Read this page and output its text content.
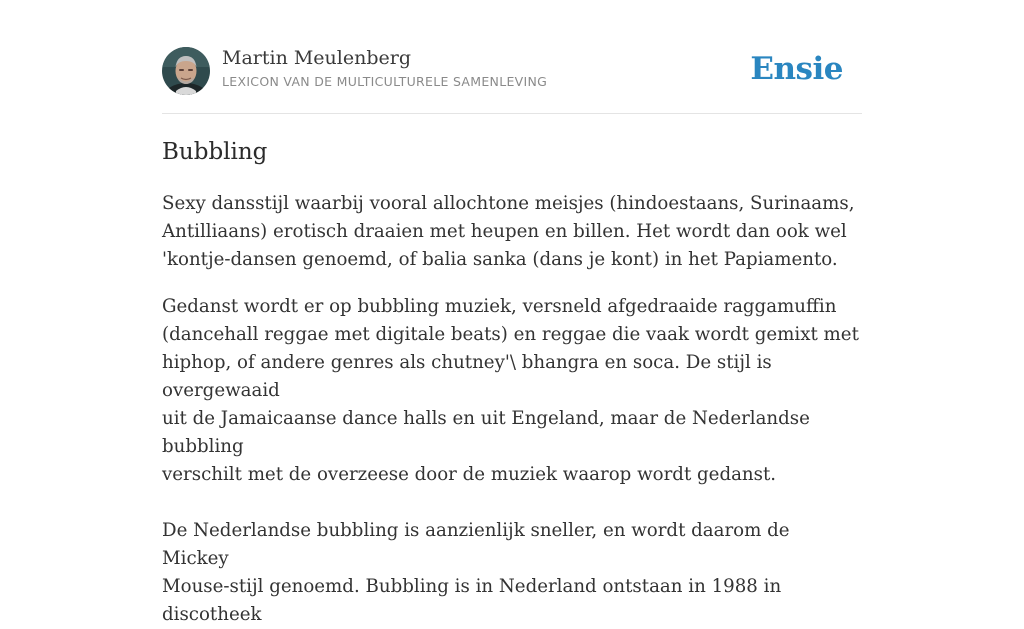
Martin Meulenberg
LEXICON VAN DE MULTICULTURELE SAMENLEVING	Ensie
Bubbling

Sexy dansstijl waarbij vooral allochtone meisjes (hindoestaans, Surinaams,
Antilliaans) erotisch draaien met heupen en billen. Het wordt dan ook wel
'kontje-dansen genoemd, of balia sanka (dans je kont) in het Papiamento.

Gedanst wordt er op bubbling muziek, versneld afgedraaide raggamuffin
(dancehall reggae met digitale beats) en reggae die vaak wordt gemixt met
hiphop, of andere genres als chutney'\ bhangra en soca. De stijl is overgewaaid
uit de Jamaicaanse dance halls en uit Engeland, maar de Nederlandse bubbling
verschilt met de overzeese door de muziek waarop wordt gedanst.

De Nederlandse bubbling is aanzienlijk sneller, en wordt daarom de Mickey
Mouse-stijl genoemd. Bubbling is in Nederland ontstaan in 1988 in discotheek
